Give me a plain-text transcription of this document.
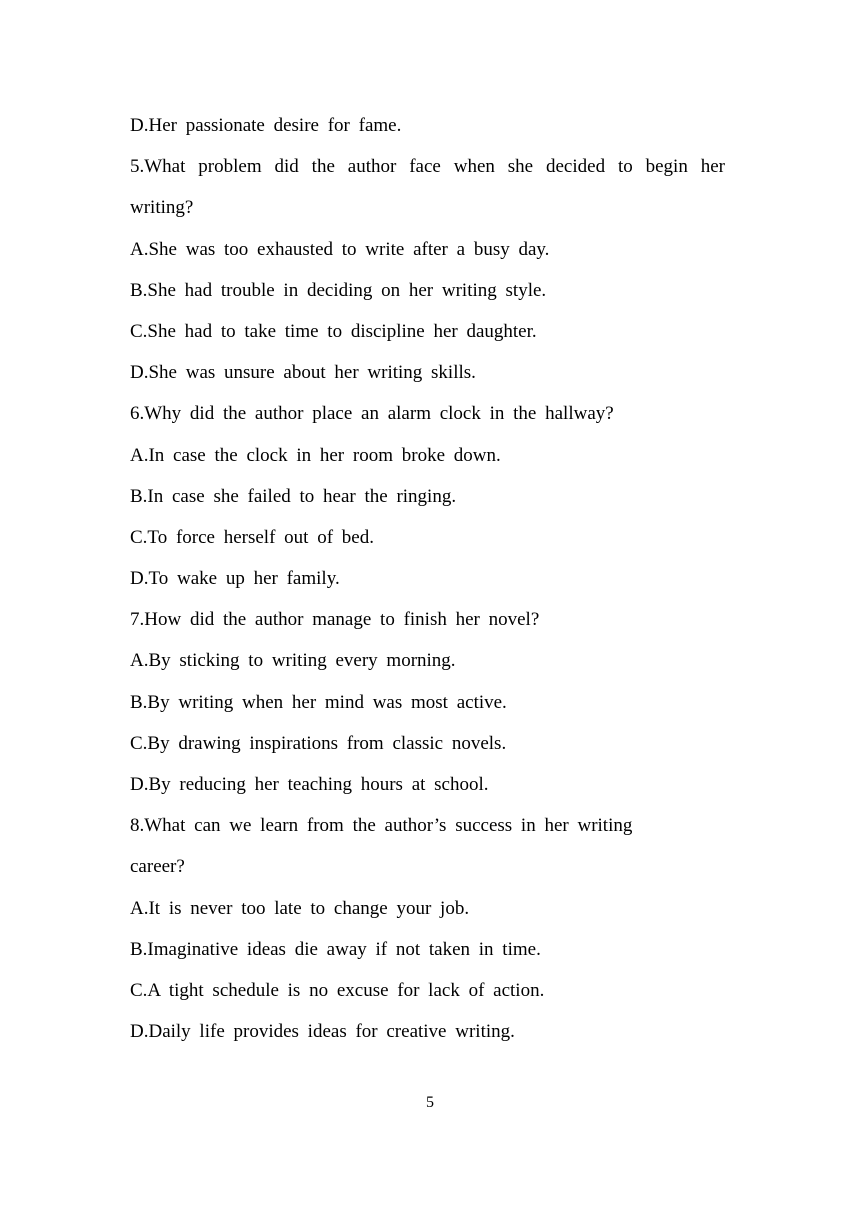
D.Her passionate desire for fame.
5.What problem did the author face when she decided to begin her writing?
A.She was too exhausted to write after a busy day.
B.She had trouble in deciding on her writing style.
C.She had to take time to discipline her daughter.
D.She was unsure about her writing skills.
6.Why did the author place an alarm clock in the hallway?
A.In case the clock in her room broke down.
B.In case she failed to hear the ringing.
C.To force herself out of bed.
D.To wake up her family.
7.How did the author manage to finish her novel?
A.By sticking to writing every morning.
B.By writing when her mind was most active.
C.By drawing inspirations from classic novels.
D.By reducing her teaching hours at school.
8.What can we learn from the author’s success in her writing
career?
A.It is never too late to change your job.
B.Imaginative ideas die away if not taken in time.
C.A tight schedule is no excuse for lack of action.
D.Daily life provides ideas for creative writing.
5
